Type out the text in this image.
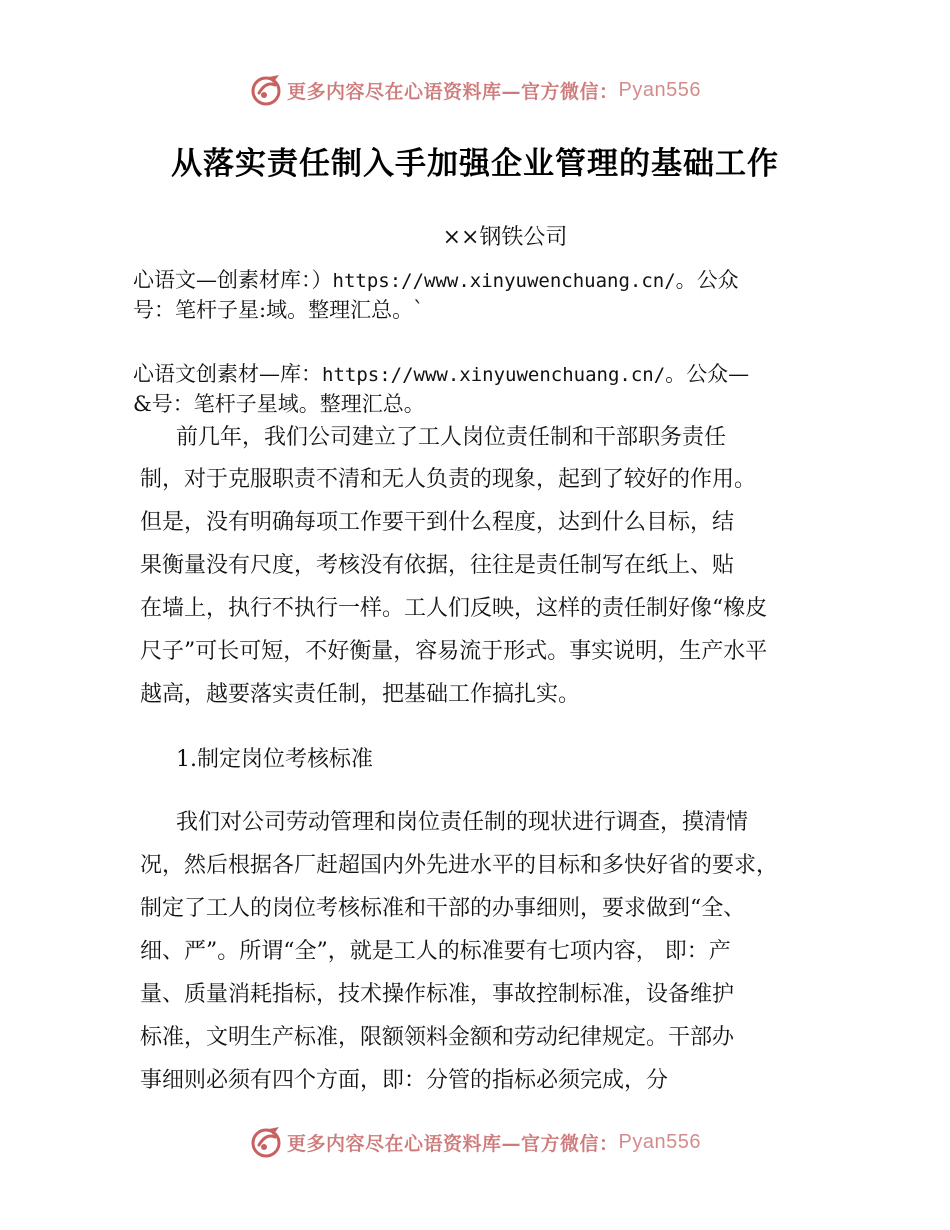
更多内容尽在心语资料库—官方微信： Pyan556
从落实责任制入手加强企业管理的基础工作
××钢铁公司
心语文—创素材库：）https://www.xinyuwenchuang.cn/。公众
号：笔杆子星:域。整理汇总。`
心语文创素材—库：https://www.xinyuwenchuang.cn/。公众—
&号：笔杆子星域。整理汇总。
前几年，我们公司建立了工人岗位责任制和干部职务责任
制，对于克服职责不清和无人负责的现象，起到了较好的作用。
但是，没有明确每项工作要干到什么程度，达到什么目标，结
果衡量没有尺度，考核没有依据，往往是责任制写在纸上、贴
在墙上，执行不执行一样。工人们反映，这样的责任制好像“橡皮
尺子”可长可短，不好衡量，容易流于形式。事实说明，生产水平
越高，越要落实责任制，把基础工作搞扎实。
1.制定岗位考核标准
我们对公司劳动管理和岗位责任制的现状进行调查，摸清情
况，然后根据各厂赶超国内外先进水平的目标和多快好省的要求，
制定了工人的岗位考核标准和干部的办事细则，要求做到“全、
细、严”。所谓“全”，就是工人的标准要有七项内容， 即：产
量、质量消耗指标，技术操作标准，事故控制标准，设备维护
标准，文明生产标准，限额领料金额和劳动纪律规定。干部办
事细则必须有四个方面，即：分管的指标必须完成，分
更多内容尽在心语资料库—官方微信： Pyan556
